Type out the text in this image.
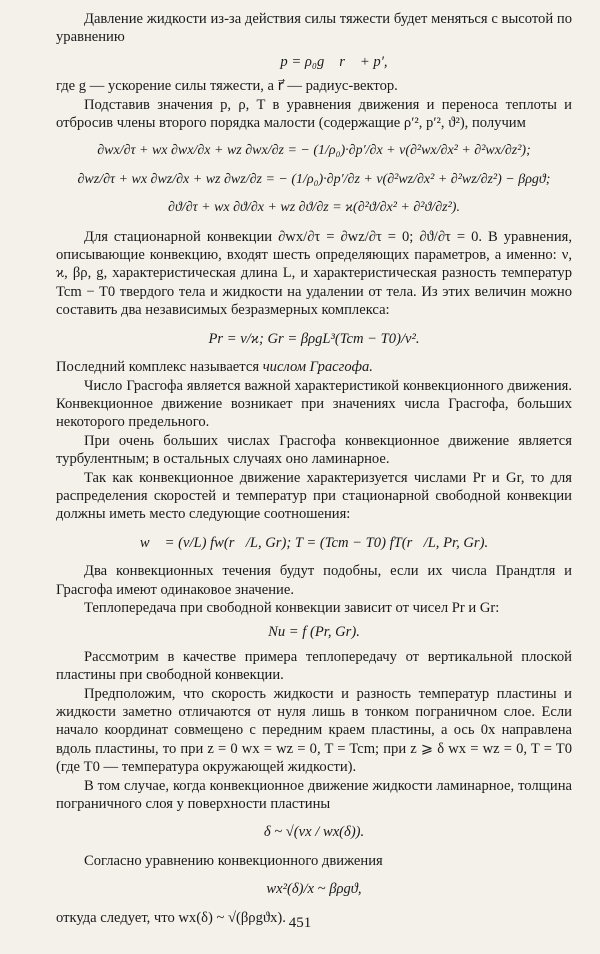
Давление жидкости из-за действия силы тяжести будет меняться с высотой по уравнению

p = ρ₀g⃗ r⃗ + p′,

где g — ускорение силы тяжести, а r⃗ — радиус-вектор.

Подставив значения p, ρ, T в уравнения движения и переноса теплоты и отбросив члены второго порядка малости (содержащие ρ′², p′², ϑ²), получим

∂wx/∂τ + wx ∂wx/∂x + wz ∂wx/∂z = − (1/ρ₀)·∂p′/∂x + ν(∂²wx/∂x² + ∂²wx/∂z²);
∂wz/∂τ + wx ∂wz/∂x + wz ∂wz/∂z = − (1/ρ₀)·∂p′/∂z + ν(∂²wz/∂x² + ∂²wz/∂z²) − βρgϑ;
∂ϑ/∂τ + wx ∂ϑ/∂x + wz ∂ϑ/∂z = ϰ(∂²ϑ/∂x² + ∂²ϑ/∂z²).

Для стационарной конвекции ∂wx/∂τ = ∂wz/∂τ = 0; ∂ϑ/∂τ = 0. В уравнения, описывающие конвекцию, входят шесть определяющих параметров, а именно: ν, ϰ, βρ, g, характеристическая длина L, и характеристическая разность температур Tcm − T0 твердого тела и жидкости на удалении от тела. Из этих величин можно составить два независимых безразмерных комплекса:

Pr = ν/ϰ; Gr = βρgL³(Tcm − T0)/ν².

Последний комплекс называется числом Грасгофа.

Число Грасгофа является важной характеристикой конвекционного движения. Конвекционное движение возникает при значениях числа Грасгофа, больших некоторого предельного.

При очень больших числах Грасгофа конвекционное движение является турбулентным; в остальных случаях оно ламинарное.

Так как конвекционное движение характеризуется числами Pr и Gr, то для распределения скоростей и температур при стационарной свободной конвекции должны иметь место следующие соотношения:

w⃗ = (ν/L) fw(r⃗/L, Gr); T = (Tcm − T0) fT(r⃗/L, Pr, Gr).

Два конвекционных течения будут подобны, если их числа Прандтля и Грасгофа имеют одинаковое значение.

Теплопередача при свободной конвекции зависит от чисел Pr и Gr:

Nu = f (Pr, Gr).

Рассмотрим в качестве примера теплопередачу от вертикальной плоской пластины при свободной конвекции.

Предположим, что скорость жидкости и разность температур пластины и жидкости заметно отличаются от нуля лишь в тонком пограничном слое. Если начало координат совмещено с передним краем пластины, а ось 0x направлена вдоль пластины, то при z = 0 wx = wz = 0, T = Tcm; при z ⩾ δ wx = wz = 0, T = T0 (где T0 — температура окружающей жидкости).

В том случае, когда конвекционное движение жидкости ламинарное, толщина пограничного слоя у поверхности пластины

δ ~ √(νx / wx(δ)).

Согласно уравнению конвекционного движения

wx²(δ)/x ~ βρgϑ,

откуда следует, что wx(δ) ~ √(βρgϑx). 451
